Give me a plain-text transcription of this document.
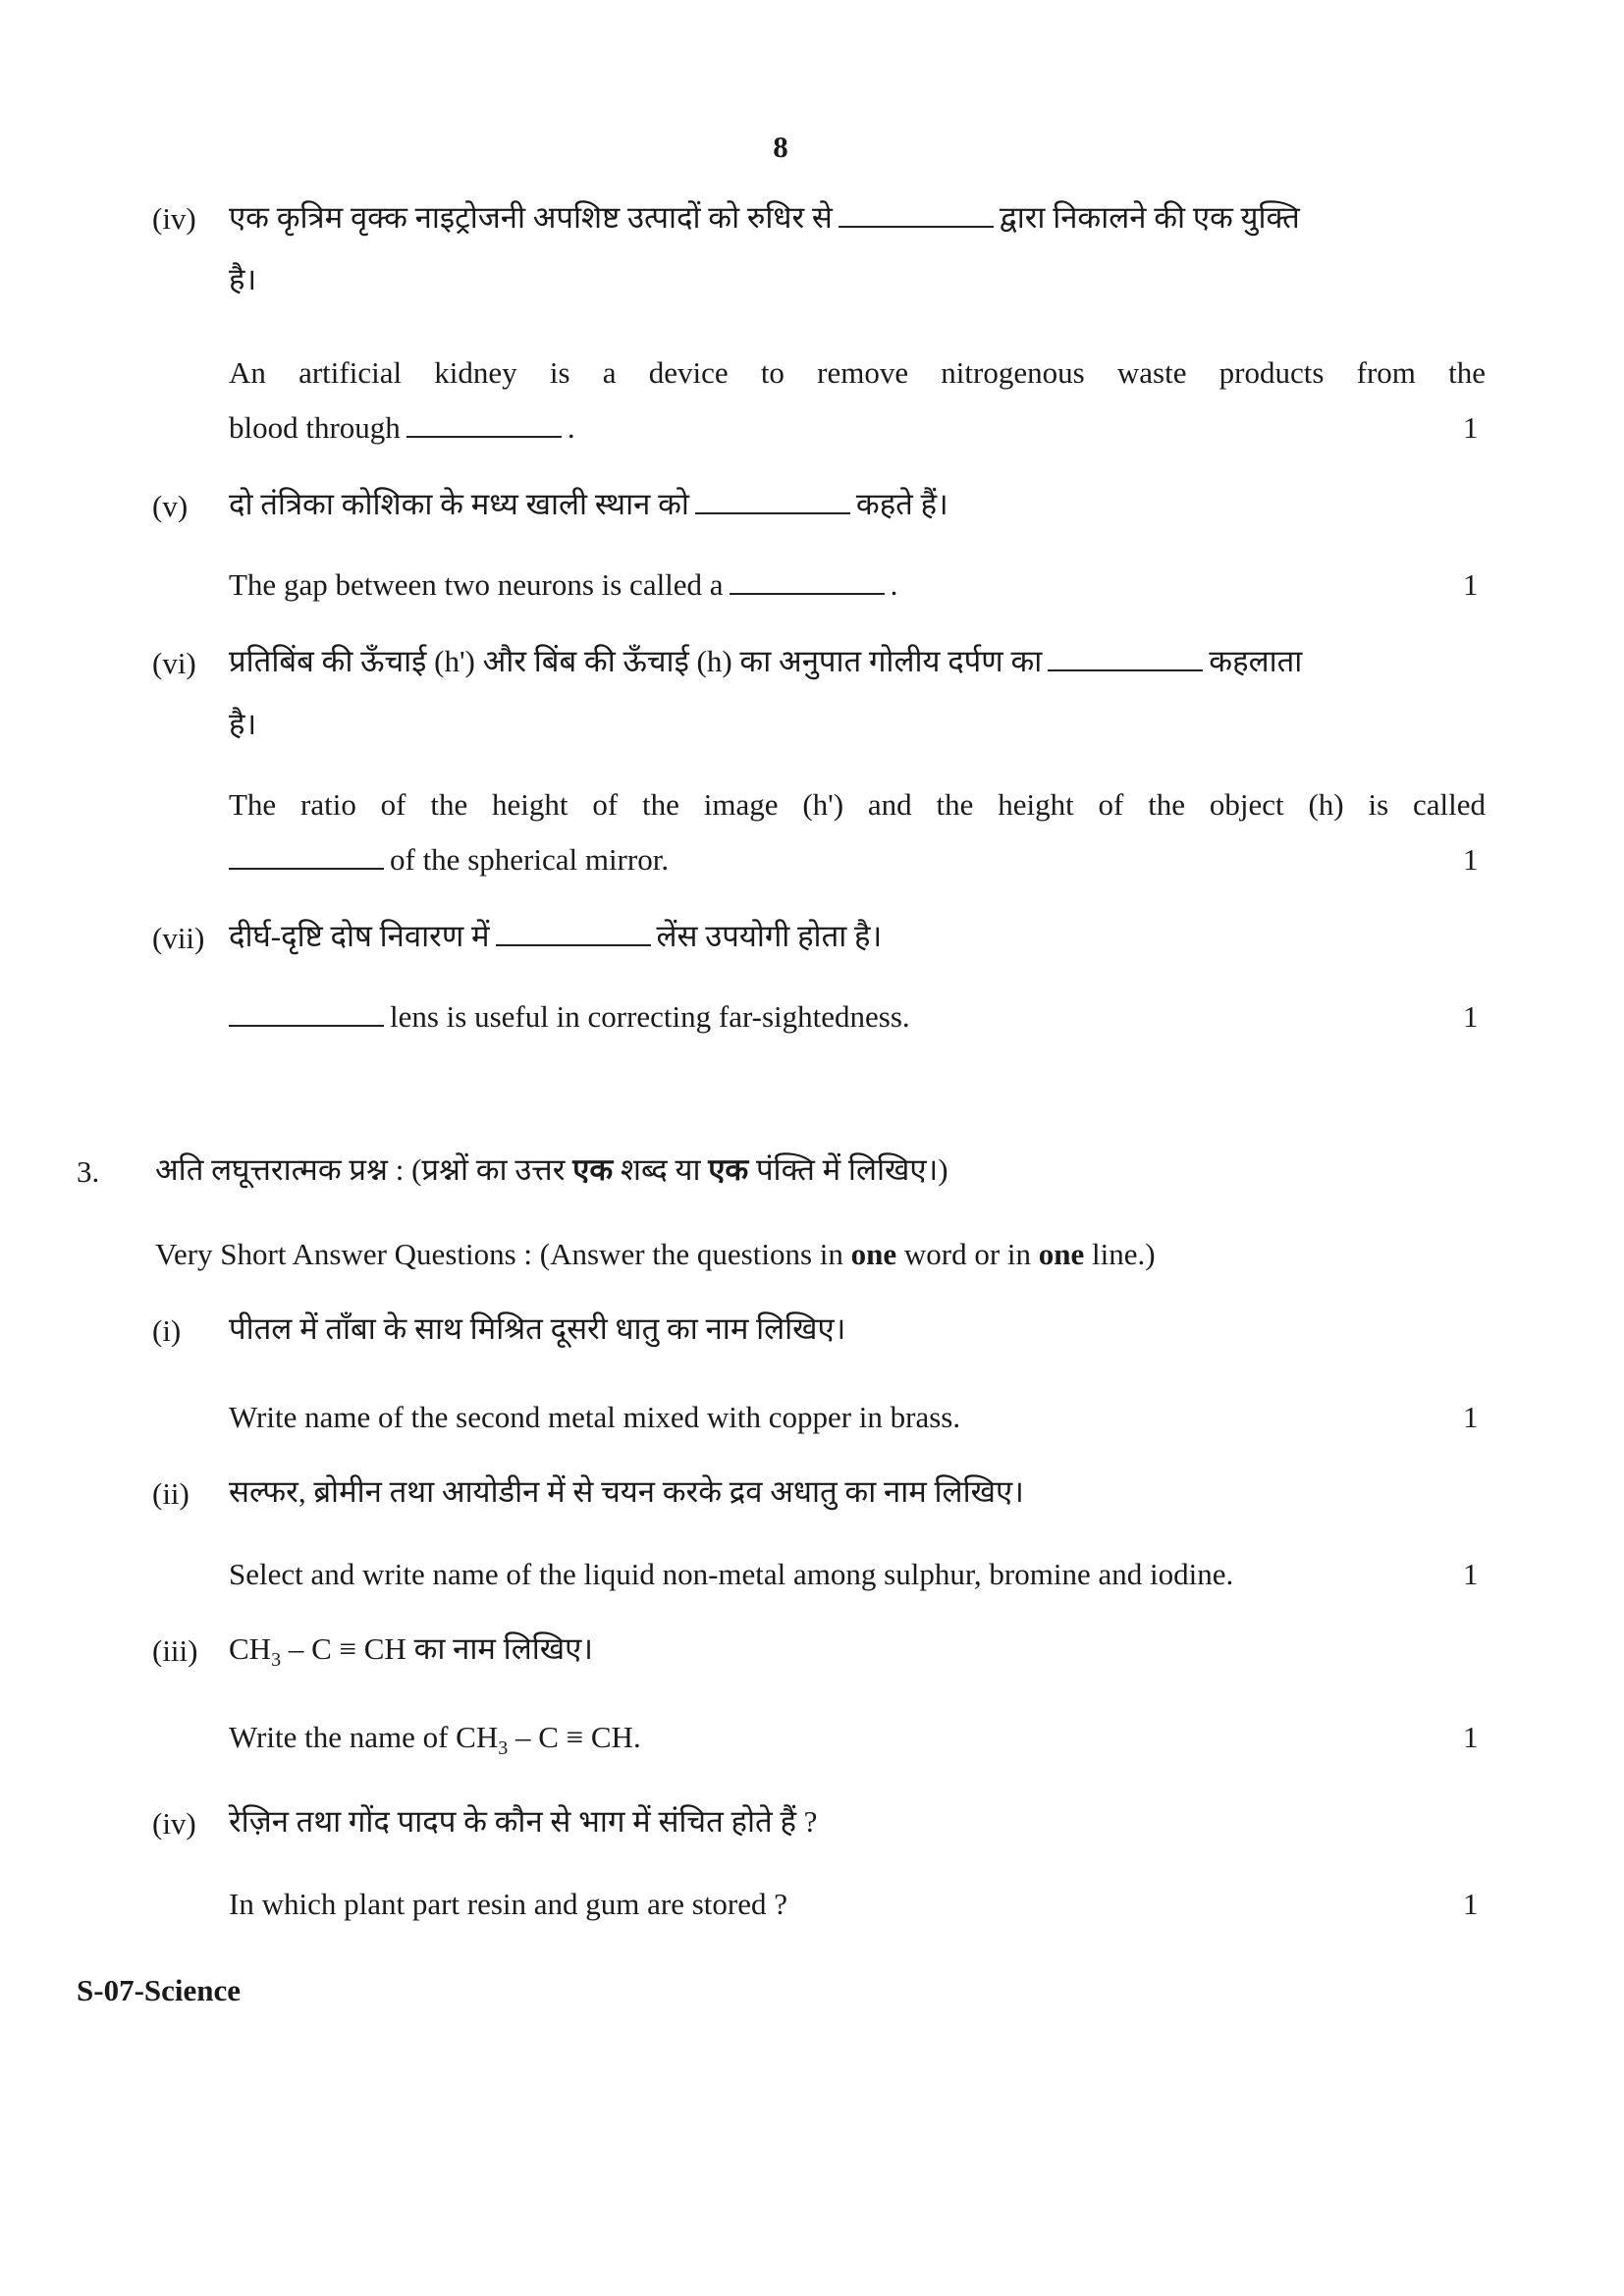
8
(iv) एक कृत्रिम वृक्क नाइट्रोजनी अपशिष्ट उत्पादों को रुधिर से	द्वारा निकालने की एक युक्ति
है।
An artificial kidney is a device to remove nitrogenous waste products from the
blood through	.	1
(v) दो तंत्रिका कोशिका के मध्य खाली स्थान को	कहते हैं।
The gap between two neurons is called a	.	1
(vi) प्रतिबिंब की ऊँचाई (h') और बिंब की ऊँचाई (h) का अनुपात गोलीय दर्पण का	कहलाता
है।
The ratio of the height of the image (h') and the height of the object (h) is called
of the spherical mirror.	1
(vii) दीर्घ-दृष्टि दोष निवारण में	लेंस उपयोगी होता है।
lens is useful in correcting far-sightedness.	1
3. अति लघूत्तरात्मक प्रश्न : (प्रश्नों का उत्तर एक शब्द या एक पंक्ति में लिखिए।)
Very Short Answer Questions : (Answer the questions in one word or in one line.)
(i) पीतल में ताँबा के साथ मिश्रित दूसरी धातु का नाम लिखिए।
Write name of the second metal mixed with copper in brass.	1
(ii) सल्फर, ब्रोमीन तथा आयोडीन में से चयन करके द्रव अधातु का नाम लिखिए।
Select and write name of the liquid non-metal among sulphur, bromine and iodine.	1
(iii) $CH_3$ – C ≡ CH का नाम लिखिए।
Write the name of $CH_3$ – C ≡ CH.	1
(iv) रेज़िन तथा गोंद पादप के कौन से भाग में संचित होते हैं ?
In which plant part resin and gum are stored ?	1
S-07-Science
